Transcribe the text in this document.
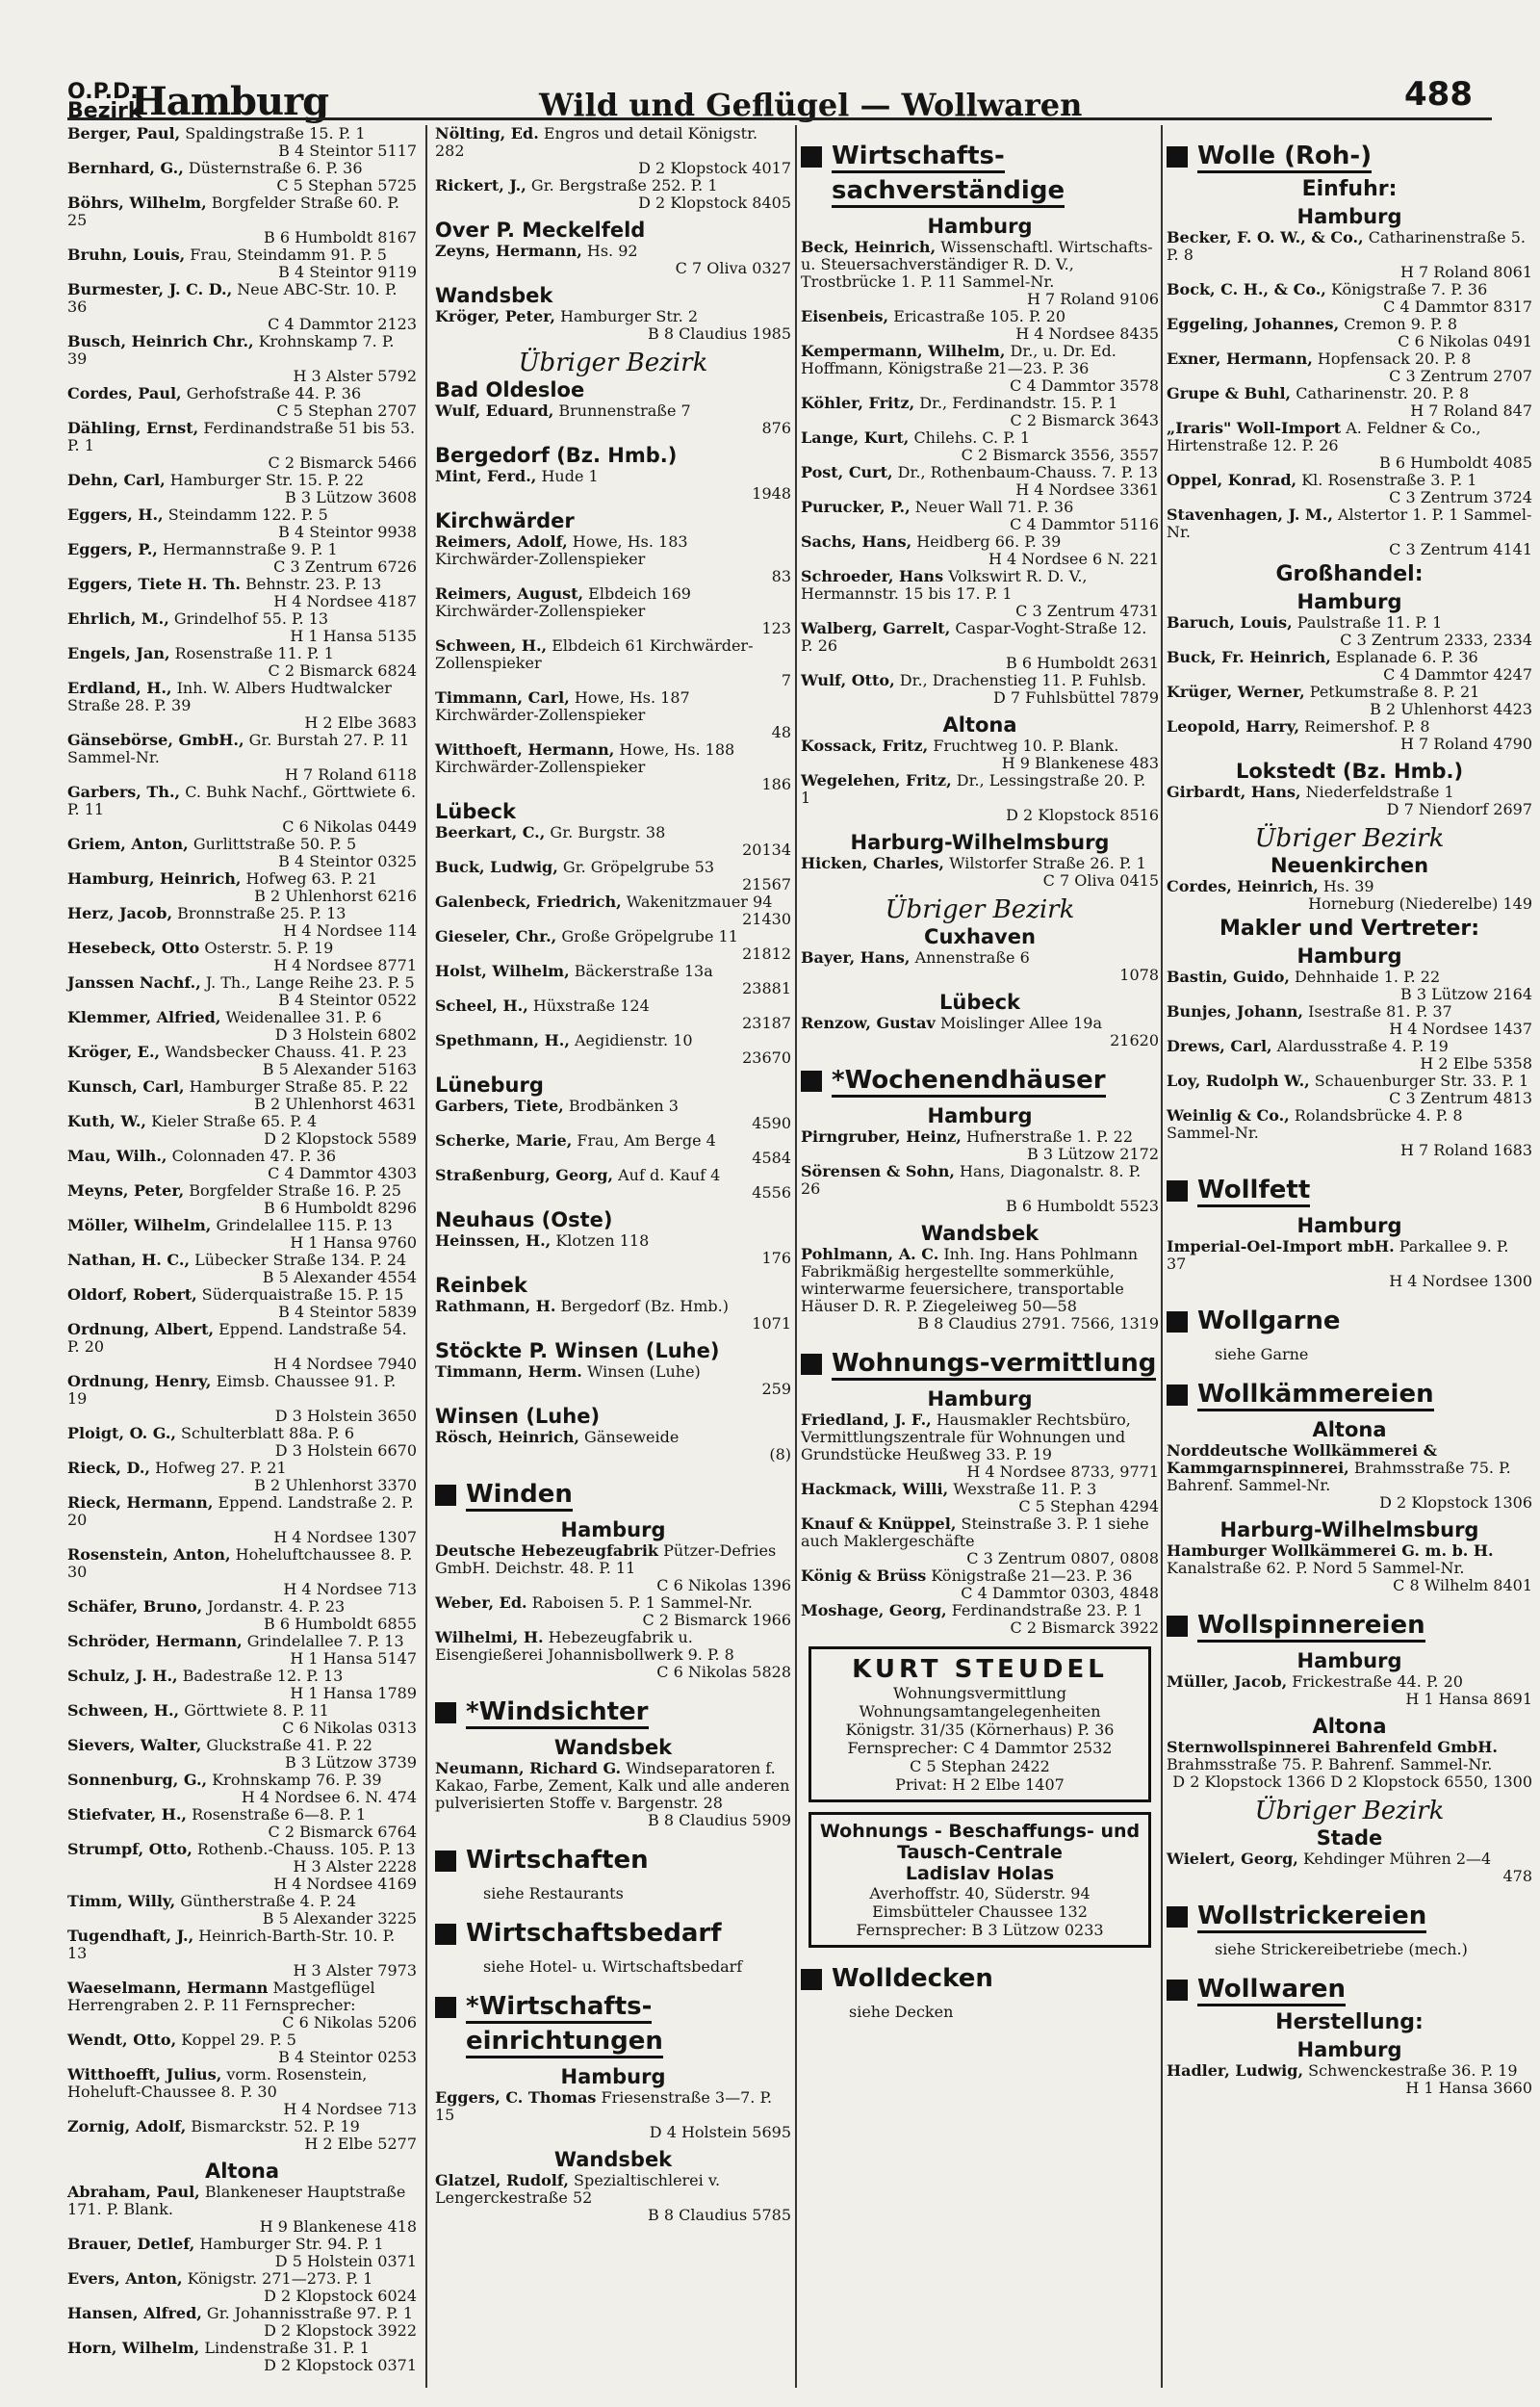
O.P.D.
Bezirk
Hamburg	Wild und Geflügel — Wollwaren	488
Berger, Paul, Spaldingstraße 15. P. 1
B 4 Steintor 5117
Bernhard, G., Düsternstraße 6. P. 36
C 5 Stephan 5725
Böhrs, Wilhelm, Borgfelder Straße 60. P. 25
B 6 Humboldt 8167
Bruhn, Louis, Frau, Steindamm 91. P. 5
B 4 Steintor 9119
Burmester, J. C. D., Neue ABC-Str. 10. P. 36
C 4 Dammtor 2123
Busch, Heinrich Chr., Krohnskamp 7. P. 39
H 3 Alster 5792
Cordes, Paul, Gerhofstraße 44. P. 36
C 5 Stephan 2707
Dähling, Ernst, Ferdinandstraße 51 bis 53. P. 1
C 2 Bismarck 5466
Dehn, Carl, Hamburger Str. 15. P. 22
B 3 Lützow 3608
Eggers, H., Steindamm 122. P. 5
B 4 Steintor 9938
Eggers, P., Hermannstraße 9. P. 1
C 3 Zentrum 6726
Eggers, Tiete H. Th. Behnstr. 23. P. 13
H 4 Nordsee 4187
Ehrlich, M., Grindelhof 55. P. 13
H 1 Hansa 5135
Engels, Jan, Rosenstraße 11. P. 1
C 2 Bismarck 6824
Erdland, H., Inh. W. Albers Hudtwalcker Straße 28. P. 39
H 2 Elbe 3683
Gänsebörse, GmbH., Gr. Burstah 27. P. 11 Sammel-Nr.
H 7 Roland 6118
Garbers, Th., C. Buhk Nachf., Görttwiete 6. P. 11
C 6 Nikolas 0449
Griem, Anton, Gurlittstraße 50. P. 5
B 4 Steintor 0325
Hamburg, Heinrich, Hofweg 63. P. 21
B 2 Uhlenhorst 6216
Herz, Jacob, Bronnstraße 25. P. 13
H 4 Nordsee 114
Hesebeck, Otto Osterstr. 5. P. 19
H 4 Nordsee 8771
Janssen Nachf., J. Th., Lange Reihe 23. P. 5
B 4 Steintor 0522
Klemmer, Alfried, Weidenallee 31. P. 6
D 3 Holstein 6802
Kröger, E., Wandsbecker Chauss. 41. P. 23
B 5 Alexander 5163
Kunsch, Carl, Hamburger Straße 85. P. 22
B 2 Uhlenhorst 4631
Kuth, W., Kieler Straße 65. P. 4
D 2 Klopstock 5589
Mau, Wilh., Colonnaden 47. P. 36
C 4 Dammtor 4303
Meyns, Peter, Borgfelder Straße 16. P. 25
B 6 Humboldt 8296
Möller, Wilhelm, Grindelallee 115. P. 13
H 1 Hansa 9760
Nathan, H. C., Lübecker Straße 134. P. 24
B 5 Alexander 4554
Oldorf, Robert, Süderquaistraße 15. P. 15
B 4 Steintor 5839
Ordnung, Albert, Eppend. Landstraße 54. P. 20
H 4 Nordsee 7940
Ordnung, Henry, Eimsb. Chaussee 91. P. 19
D 3 Holstein 3650
Ploigt, O. G., Schulterblatt 88a. P. 6
D 3 Holstein 6670
Rieck, D., Hofweg 27. P. 21
B 2 Uhlenhorst 3370
Rieck, Hermann, Eppend. Landstraße 2. P. 20
H 4 Nordsee 1307
Rosenstein, Anton, Hoheluftchaussee 8. P. 30
H 4 Nordsee 713
Schäfer, Bruno, Jordanstr. 4. P. 23
B 6 Humboldt 6855
Schröder, Hermann, Grindelallee 7. P. 13
H 1 Hansa 5147
Schulz, J. H., Badestraße 12. P. 13
H 1 Hansa 1789
Schween, H., Görttwiete 8. P. 11
C 6 Nikolas 0313
Sievers, Walter, Gluckstraße 41. P. 22
B 3 Lützow 3739
Sonnenburg, G., Krohnskamp 76. P. 39
H 4 Nordsee 6. N. 474
Stiefvater, H., Rosenstraße 6—8. P. 1
C 2 Bismarck 6764
Strumpf, Otto, Rothenb.-Chauss. 105. P. 13
H 3 Alster 2228
H 4 Nordsee 4169
Timm, Willy, Güntherstraße 4. P. 24
B 5 Alexander 3225
Tugendhaft, J., Heinrich-Barth-Str. 10. P. 13
H 3 Alster 7973
Waeselmann, Hermann Mastgeflügel Herrengraben 2. P. 11 Fernsprecher:
C 6 Nikolas 5206
Wendt, Otto, Koppel 29. P. 5
B 4 Steintor 0253
Witthoefft, Julius, vorm. Rosenstein, Hoheluft-Chaussee 8. P. 30
H 4 Nordsee 713
Zornig, Adolf, Bismarckstr. 52. P. 19
H 2 Elbe 5277
Altona
Abraham, Paul, Blankeneser Hauptstraße 171. P. Blank.
H 9 Blankenese 418
Brauer, Detlef, Hamburger Str. 94. P. 1
D 5 Holstein 0371
Evers, Anton, Königstr. 271—273. P. 1
D 2 Klopstock 6024
Hansen, Alfred, Gr. Johannisstraße 97. P. 1
D 2 Klopstock 3922
Horn, Wilhelm, Lindenstraße 31. P. 1
D 2 Klopstock 0371
Nölting, Ed. Engros und detail Königstr. 282
D 2 Klopstock 4017
Rickert, J., Gr. Bergstraße 252. P. 1
D 2 Klopstock 8405
Over P. Meckelfeld
Zeyns, Hermann, Hs. 92
C 7 Oliva 0327
Wandsbek
Kröger, Peter, Hamburger Str. 2
B 8 Claudius 1985
Übriger Bezirk
Bad Oldesloe
Wulf, Eduard, Brunnenstraße 7
876
Bergedorf (Bz. Hmb.)
Mint, Ferd., Hude 1
1948
Kirchwärder
Reimers, Adolf, Howe, Hs. 183 Kirchwärder-Zollenspieker
83
Reimers, August, Elbdeich 169 Kirchwärder-Zollenspieker
123
Schween, H., Elbdeich 61 Kirchwärder-Zollenspieker
7
Timmann, Carl, Howe, Hs. 187 Kirchwärder-Zollenspieker
48
Witthoeft, Hermann, Howe, Hs. 188 Kirchwärder-Zollenspieker
186
Lübeck
Beerkart, C., Gr. Burgstr. 38
20134
Buck, Ludwig, Gr. Gröpelgrube 53
21567
Galenbeck, Friedrich, Wakenitzmauer 94
21430
Gieseler, Chr., Große Gröpelgrube 11
21812
Holst, Wilhelm, Bäckerstraße 13a
23881
Scheel, H., Hüxstraße 124
23187
Spethmann, H., Aegidienstr. 10
23670
Lüneburg
Garbers, Tiete, Brodbänken 3
4590
Scherke, Marie, Frau, Am Berge 4
4584
Straßenburg, Georg, Auf d. Kauf 4
4556
Neuhaus (Oste)
Heinssen, H., Klotzen 118
176
Reinbek
Rathmann, H. Bergedorf (Bz. Hmb.)
1071
Stöckte P. Winsen (Luhe)
Timmann, Herm. Winsen (Luhe)
259
Winsen (Luhe)
Rösch, Heinrich, Gänseweide
(8)
Winden
Hamburg
Deutsche Hebezeugfabrik Pützer-Defries GmbH. Deichstr. 48. P. 11
C 6 Nikolas 1396
Weber, Ed. Raboisen 5. P. 1 Sammel-Nr.
C 2 Bismarck 1966
Wilhelmi, H. Hebezeugfabrik u. Eisengießerei Johannisbollwerk 9. P. 8
C 6 Nikolas 5828
*Windsichter
Wandsbek
Neumann, Richard G. Windseparatoren f. Kakao, Farbe, Zement, Kalk und alle anderen pulverisierten Stoffe v. Bargenstr. 28
B 8 Claudius 5909
Wirtschaften
siehe Restaurants
Wirtschaftsbedarf
siehe Hotel- u. Wirtschaftsbedarf
*Wirtschafts-einrichtungen
Hamburg
Eggers, C. Thomas Friesenstraße 3—7. P. 15
D 4 Holstein 5695
Wandsbek
Glatzel, Rudolf, Spezialtischlerei v. Lengerckestraße 52
B 8 Claudius 5785
Wirtschafts-sachverständige
Hamburg
Beck, Heinrich, Wissenschaftl. Wirtschafts- u. Steuersachverständiger R. D. V., Trostbrücke 1. P. 11 Sammel-Nr.
H 7 Roland 9106
Eisenbeis, Ericastraße 105. P. 20
H 4 Nordsee 8435
Kempermann, Wilhelm, Dr., u. Dr. Ed. Hoffmann, Königstraße 21—23. P. 36
C 4 Dammtor 3578
Köhler, Fritz, Dr., Ferdinandstr. 15. P. 1
C 2 Bismarck 3643
Lange, Kurt, Chilehs. C. P. 1
C 2 Bismarck 3556, 3557
Post, Curt, Dr., Rothenbaum-Chauss. 7. P. 13
H 4 Nordsee 3361
Purucker, P., Neuer Wall 71. P. 36
C 4 Dammtor 5116
Sachs, Hans, Heidberg 66. P. 39
H 4 Nordsee 6 N. 221
Schroeder, Hans Volkswirt R. D. V., Hermannstr. 15 bis 17. P. 1
C 3 Zentrum 4731
Walberg, Garrelt, Caspar-Voght-Straße 12. P. 26
B 6 Humboldt 2631
Wulf, Otto, Dr., Drachenstieg 11. P. Fuhlsb.
D 7 Fuhlsbüttel 7879
Altona
Kossack, Fritz, Fruchtweg 10. P. Blank.
H 9 Blankenese 483
Wegelehen, Fritz, Dr., Lessingstraße 20. P. 1
D 2 Klopstock 8516
Harburg-Wilhelmsburg
Hicken, Charles, Wilstorfer Straße 26. P. 1
C 7 Oliva 0415
Übriger Bezirk
Cuxhaven
Bayer, Hans, Annenstraße 6
1078
Lübeck
Renzow, Gustav Moislinger Allee 19a
21620
*Wochenendhäuser
Hamburg
Pirngruber, Heinz, Hufnerstraße 1. P. 22
B 3 Lützow 2172
Sörensen & Sohn, Hans, Diagonalstr. 8. P. 26
B 6 Humboldt 5523
Wandsbek
Pohlmann, A. C. Inh. Ing. Hans Pohlmann Fabrikmäßig hergestellte sommerkühle, winterwarme feuersichere, transportable Häuser D. R. P. Ziegeleiweg 50—58
B 8 Claudius 2791. 7566, 1319
Wohnungs-vermittlung
Hamburg
Friedland, J. F., Hausmakler Rechtsbüro, Vermittlungszentrale für Wohnungen und Grundstücke Heußweg 33. P. 19
H 4 Nordsee 8733, 9771
Hackmack, Willi, Wexstraße 11. P. 3
C 5 Stephan 4294
Knauf & Knüppel, Steinstraße 3. P. 1 siehe auch Maklergeschäfte
C 3 Zentrum 0807, 0808
König & Brüss Königstraße 21—23. P. 36
C 4 Dammtor 0303, 4848
Moshage, Georg, Ferdinandstraße 23. P. 1
C 2 Bismarck 3922
KURT STEUDEL
Wohnungsvermittlung
Wohnungsamtangelegenheiten
Königstr. 31/35 (Körnerhaus) P. 36
Fernsprecher: C 4 Dammtor 2532
C 5 Stephan 2422
Privat: H 2 Elbe 1407
Wohnungs - Beschaffungs- und Tausch-Centrale
Ladislav Holas
Averhoffstr. 40, Süderstr. 94
Eimsbütteler Chaussee 132
Fernsprecher: B 3 Lützow 0233
Wolldecken
siehe Decken
Wolle (Roh-)
Einfuhr:
Hamburg
Becker, F. O. W., & Co., Catharinenstraße 5. P. 8
H 7 Roland 8061
Bock, C. H., & Co., Königstraße 7. P. 36
C 4 Dammtor 8317
Eggeling, Johannes, Cremon 9. P. 8
C 6 Nikolas 0491
Exner, Hermann, Hopfensack 20. P. 8
C 3 Zentrum 2707
Grupe & Buhl, Catharinenstr. 20. P. 8
H 7 Roland 847
„Iraris" Woll-Import A. Feldner & Co., Hirtenstraße 12. P. 26
B 6 Humboldt 4085
Oppel, Konrad, Kl. Rosenstraße 3. P. 1
C 3 Zentrum 3724
Stavenhagen, J. M., Alstertor 1. P. 1 Sammel-Nr.
C 3 Zentrum 4141
Großhandel:
Hamburg
Baruch, Louis, Paulstraße 11. P. 1
C 3 Zentrum 2333, 2334
Buck, Fr. Heinrich, Esplanade 6. P. 36
C 4 Dammtor 4247
Krüger, Werner, Petkumstraße 8. P. 21
B 2 Uhlenhorst 4423
Leopold, Harry, Reimershof. P. 8
H 7 Roland 4790
Lokstedt (Bz. Hmb.)
Girbardt, Hans, Niederfeldstraße 1
D 7 Niendorf 2697
Übriger Bezirk
Neuenkirchen
Cordes, Heinrich, Hs. 39
Horneburg (Niederelbe) 149
Makler und Vertreter:
Hamburg
Bastin, Guido, Dehnhaide 1. P. 22
B 3 Lützow 2164
Bunjes, Johann, Isestraße 81. P. 37
H 4 Nordsee 1437
Drews, Carl, Alardusstraße 4. P. 19
H 2 Elbe 5358
Loy, Rudolph W., Schauenburger Str. 33. P. 1
C 3 Zentrum 4813
Weinlig & Co., Rolandsbrücke 4. P. 8 Sammel-Nr.
H 7 Roland 1683
Wollfett
Hamburg
Imperial-Oel-Import mbH. Parkallee 9. P. 37
H 4 Nordsee 1300
Wollgarne
siehe Garne
Wollkämmereien
Altona
Norddeutsche Wollkämmerei & Kammgarnspinnerei, Brahmsstraße 75. P. Bahrenf. Sammel-Nr.
D 2 Klopstock 1306
Harburg-Wilhelmsburg
Hamburger Wollkämmerei G. m. b. H. Kanalstraße 62. P. Nord 5 Sammel-Nr.
C 8 Wilhelm 8401
Wollspinnereien
Hamburg
Müller, Jacob, Frickestraße 44. P. 20
H 1 Hansa 8691
Altona
Sternwollspinnerei Bahrenfeld GmbH. Brahmsstraße 75. P. Bahrenf. Sammel-Nr.
D 2 Klopstock 1366 D 2 Klopstock 6550, 1300
Übriger Bezirk
Stade
Wielert, Georg, Kehdinger Mühren 2—4
478
Wollstrickereien
siehe Strickereibetriebe (mech.)
Wollwaren
Herstellung:
Hamburg
Hadler, Ludwig, Schwenckestraße 36. P. 19
H 1 Hansa 3660
